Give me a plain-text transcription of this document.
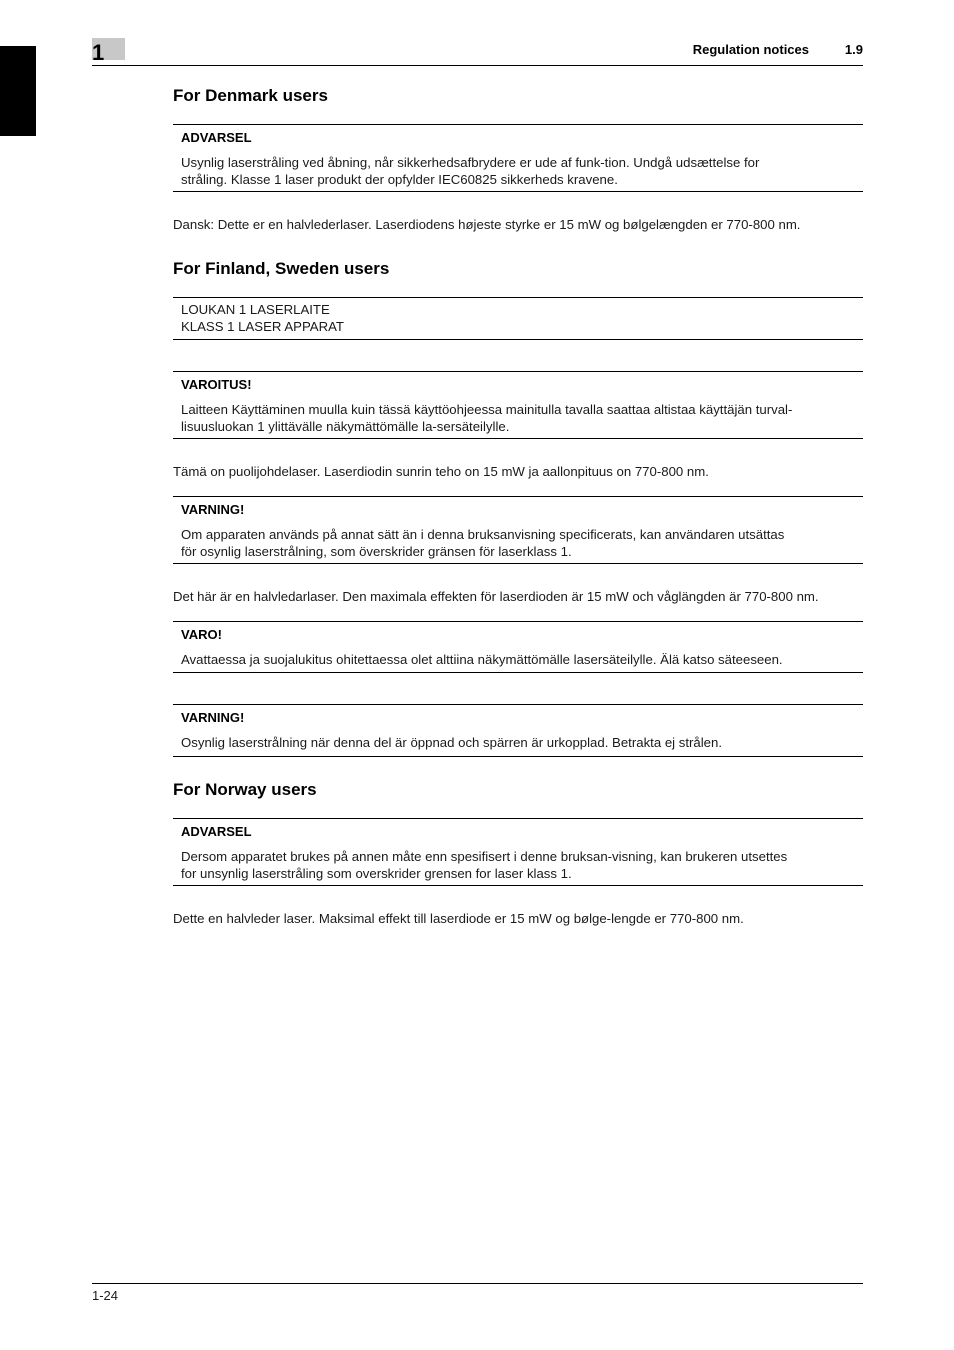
1	Regulation notices	1.9
For Denmark users
ADVARSEL
Usynlig laserstråling ved åbning, når sikkerhedsafbrydere er ude af funk-tion. Undgå udsættelse for
stråling. Klasse 1 laser produkt der opfylder IEC60825 sikkerheds kravene.
Dansk: Dette er en halvlederlaser. Laserdiodens højeste styrke er 15 mW og bølgelængden er 770-800 nm.
For Finland, Sweden users
LOUKAN 1 LASERLAITE
KLASS 1 LASER APPARAT
VAROITUS!
Laitteen Käyttäminen muulla kuin tässä käyttöohjeessa mainitulla tavalla saattaa altistaa käyttäjän turval-
lisuusluokan 1 ylittävälle näkymättömälle la-sersäteilylle.
Tämä on puolijohdelaser. Laserdiodin sunrin teho on 15 mW ja aallonpituus on 770-800 nm.
VARNING!
Om apparaten används på annat sätt än i denna bruksanvisning specificerats, kan användaren utsättas
för osynlig laserstrålning, som överskrider gränsen för laserklass 1.
Det här är en halvledarlaser. Den maximala effekten för laserdioden är 15 mW och våglängden är 770-800 nm.
VARO!
Avattaessa ja suojalukitus ohitettaessa olet alttiina näkymättömälle lasersäteilylle. Älä katso säteeseen.
VARNING!
Osynlig laserstrålning när denna del är öppnad och spärren är urkopplad. Betrakta ej strålen.
For Norway users
ADVARSEL
Dersom apparatet brukes på annen måte enn spesifisert i denne bruksan-visning, kan brukeren utsettes
for unsynlig laserstråling som overskrider grensen for laser klass 1.
Dette en halvleder laser. Maksimal effekt till laserdiode er 15 mW og bølge-lengde er 770-800 nm.
1-24
